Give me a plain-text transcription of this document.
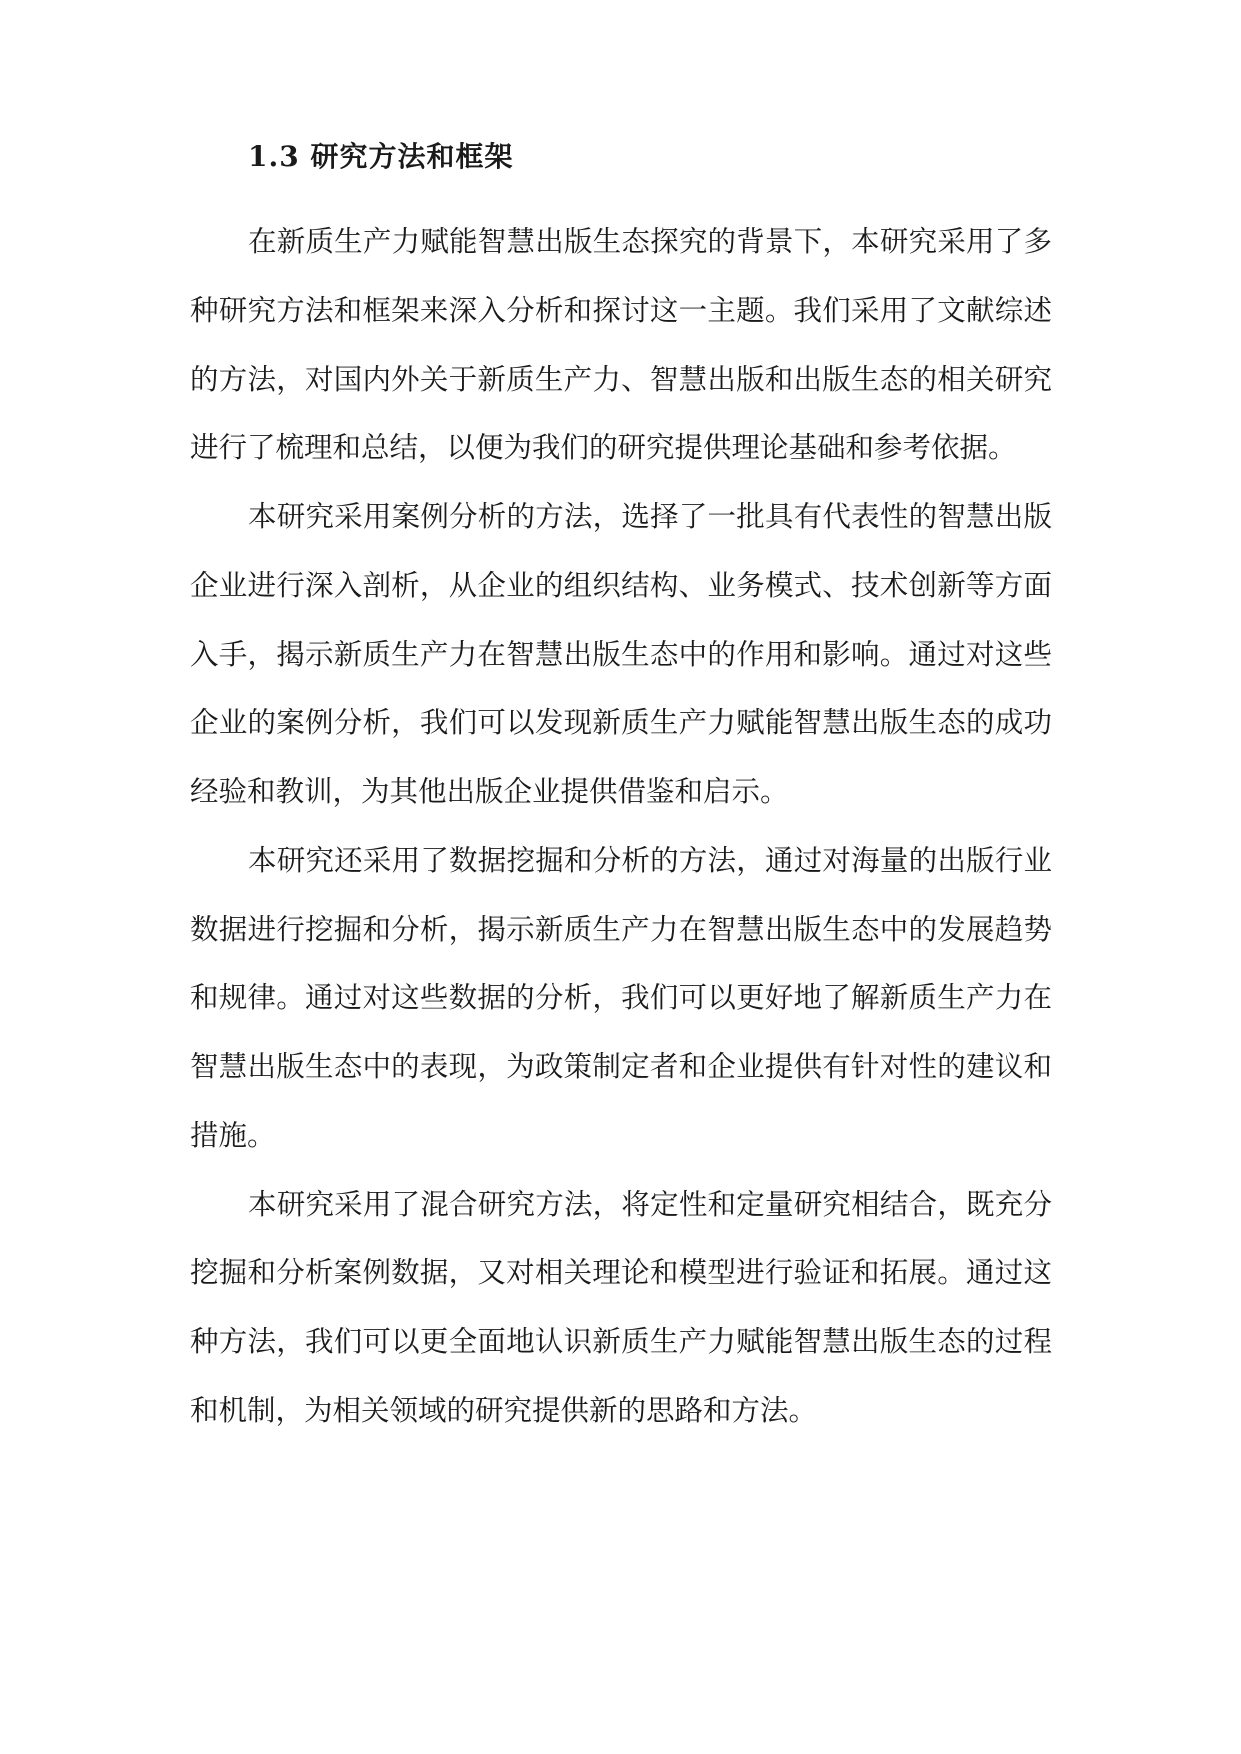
1.3 研究方法和框架

在新质生产力赋能智慧出版生态探究的背景下，本研究采用了多种研究方法和框架来深入分析和探讨这一主题。我们采用了文献综述的方法，对国内外关于新质生产力、智慧出版和出版生态的相关研究进行了梳理和总结，以便为我们的研究提供理论基础和参考依据。

本研究采用案例分析的方法，选择了一批具有代表性的智慧出版企业进行深入剖析，从企业的组织结构、业务模式、技术创新等方面入手，揭示新质生产力在智慧出版生态中的作用和影响。通过对这些企业的案例分析，我们可以发现新质生产力赋能智慧出版生态的成功经验和教训，为其他出版企业提供借鉴和启示。

本研究还采用了数据挖掘和分析的方法，通过对海量的出版行业数据进行挖掘和分析，揭示新质生产力在智慧出版生态中的发展趋势和规律。通过对这些数据的分析，我们可以更好地了解新质生产力在智慧出版生态中的表现，为政策制定者和企业提供有针对性的建议和措施。

本研究采用了混合研究方法，将定性和定量研究相结合，既充分挖掘和分析案例数据，又对相关理论和模型进行验证和拓展。通过这种方法，我们可以更全面地认识新质生产力赋能智慧出版生态的过程和机制，为相关领域的研究提供新的思路和方法。
